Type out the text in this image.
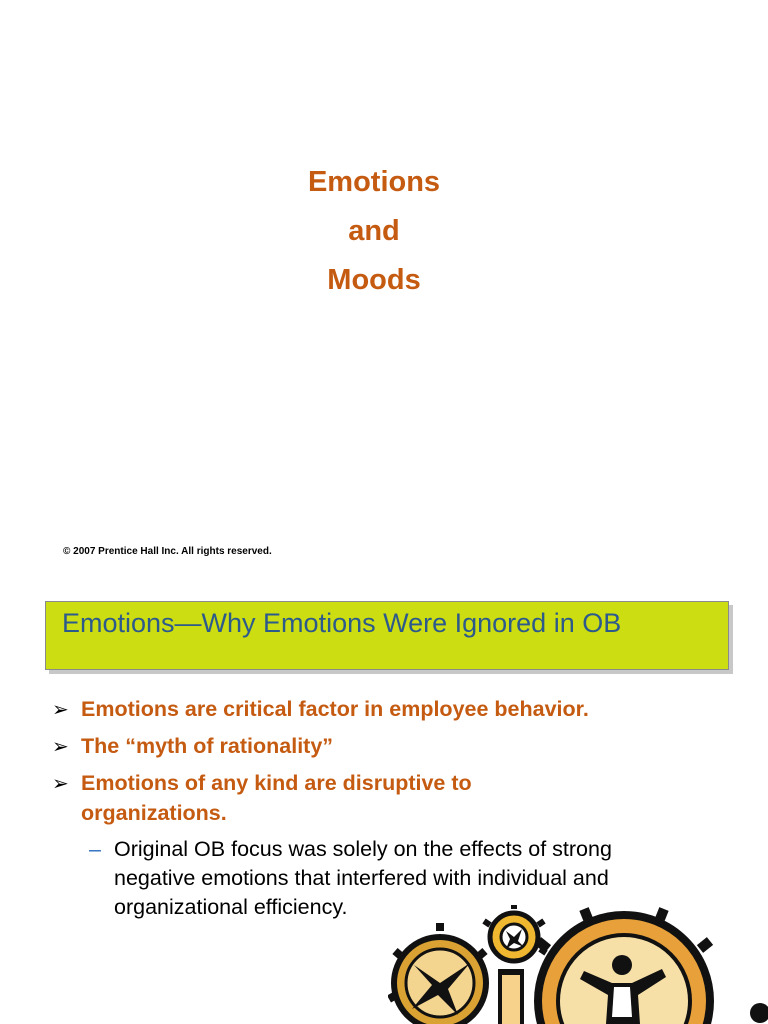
Emotions
and
Moods
© 2007 Prentice Hall Inc. All rights reserved.
Emotions—Why Emotions Were Ignored in OB
➢ Emotions are critical factor in employee behavior.
➢ The “myth of rationality”
➢ Emotions of any kind are disruptive to organizations.
– Original OB focus was solely on the effects of strong negative emotions that interfered with individual and organizational efficiency.
